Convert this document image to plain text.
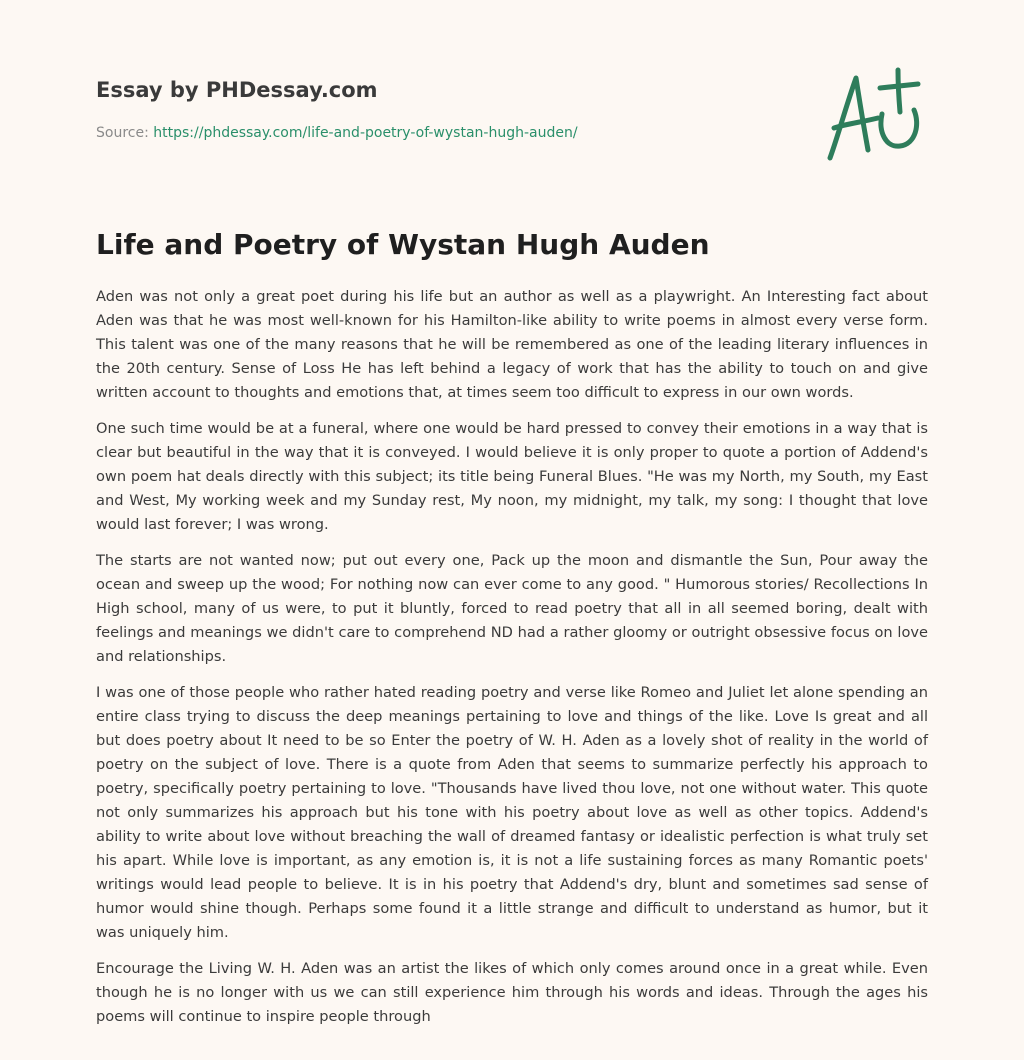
Essay by PHDessay.com
Source: https://phdessay.com/life-and-poetry-of-wystan-hugh-auden/
Life and Poetry of Wystan Hugh Auden

Aden was not only a great poet during his life but an author as well as a playwright. An Interesting fact about Aden was that he was most well-known for his Hamilton-like ability to write poems in almost every verse form. This talent was one of the many reasons that he will be remembered as one of the leading literary influences in the 20th century. Sense of Loss He has left behind a legacy of work that has the ability to touch on and give written account to thoughts and emotions that, at times seem too difficult to express in our own words.

One such time would be at a funeral, where one would be hard pressed to convey their emotions in a way that is clear but beautiful in the way that it is conveyed. I would believe it is only proper to quote a portion of Addend's own poem hat deals directly with this subject; its title being Funeral Blues. "He was my North, my South, my East and West, My working week and my Sunday rest, My noon, my midnight, my talk, my song: I thought that love would last forever; I was wrong.

The starts are not wanted now; put out every one, Pack up the moon and dismantle the Sun, Pour away the ocean and sweep up the wood; For nothing now can ever come to any good. " Humorous stories/ Recollections In High school, many of us were, to put it bluntly, forced to read poetry that all in all seemed boring, dealt with feelings and meanings we didn't care to comprehend ND had a rather gloomy or outright obsessive focus on love and relationships.

I was one of those people who rather hated reading poetry and verse like Romeo and Juliet let alone spending an entire class trying to discuss the deep meanings pertaining to love and things of the like. Love Is great and all but does poetry about It need to be so Enter the poetry of W. H. Aden as a lovely shot of reality in the world of poetry on the subject of love. There is a quote from Aden that seems to summarize perfectly his approach to poetry, specifically poetry pertaining to love. "Thousands have lived thou love, not one without water. This quote not only summarizes his approach but his tone with his poetry about love as well as other topics. Addend's ability to write about love without breaching the wall of dreamed fantasy or idealistic perfection is what truly set his apart. While love is important, as any emotion is, it is not a life sustaining forces as many Romantic poets' writings would lead people to believe. It is in his poetry that Addend's dry, blunt and sometimes sad sense of humor would shine though. Perhaps some found it a little strange and difficult to understand as humor, but it was uniquely him.

Encourage the Living W. H. Aden was an artist the likes of which only comes around once in a great while. Even though he is no longer with us we can still experience him through his words and ideas. Through the ages his poems will continue to inspire people through
